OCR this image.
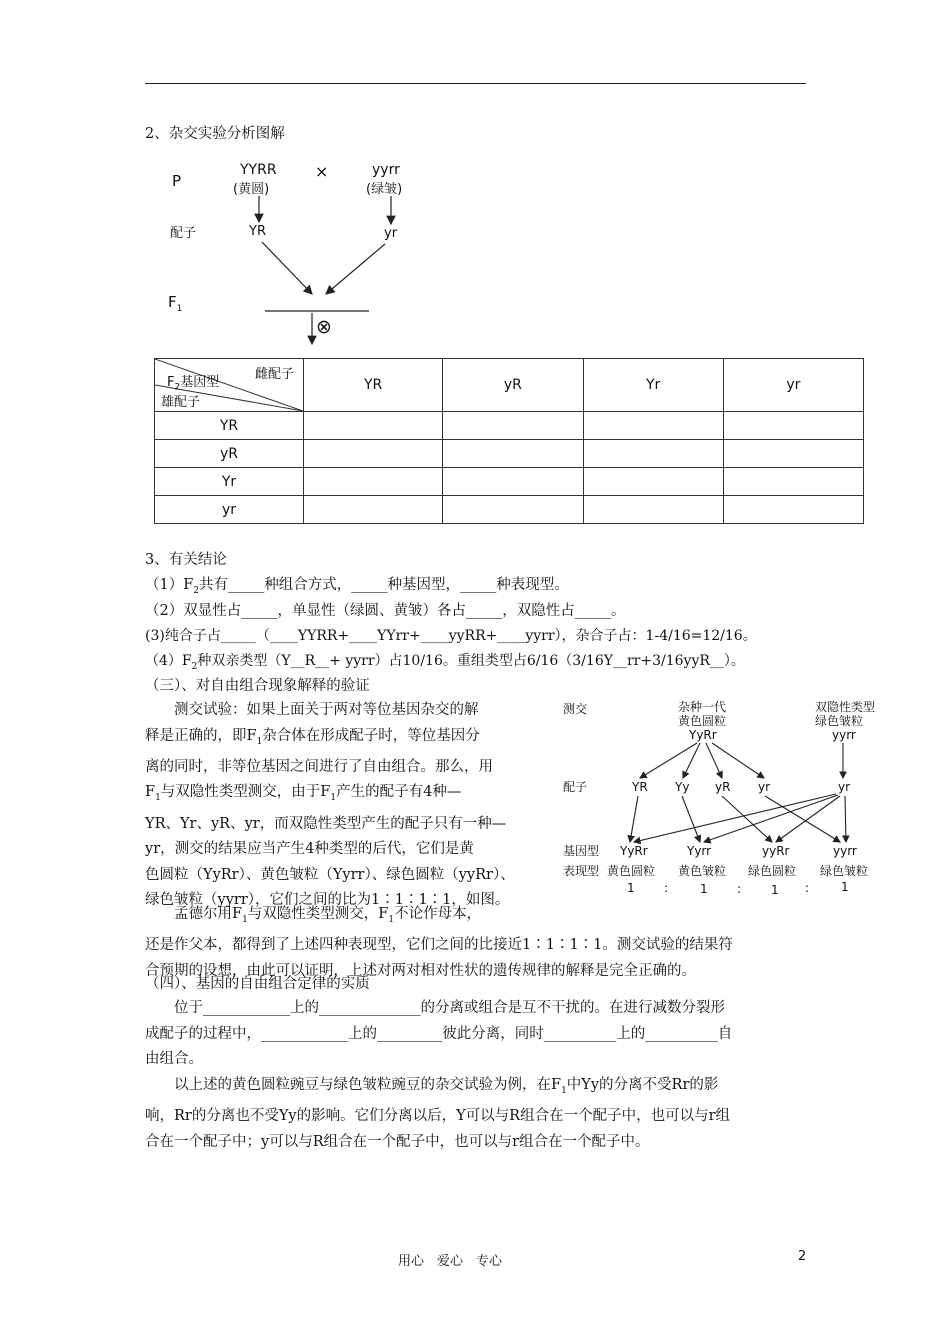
2、杂交实验分析图解
P
YYRR
(黄圆)
×	yyrr
(绿皱)
配子	YR	yr
$F_1$
⊗
雌配子
$F_2$基因型
雄配子	YR	yR	Yr	yr
YR				
yR				
Yr				
yr				
3、有关结论
$(1)F_2$共有_____种组合方式，_____种基因型，_____种表现型。
（2）双显性占_____，单显性（绿圆、黄皱）各占_____，双隐性占_____。
(3)纯合子占_____（____YYRR+____YYrr+____yyRR+____yyrr），杂合子占：1-4/16=12/16。
$(4)F_2$种双亲类型（Y__R__+ yyrr）占10/16。重组类型占6/16（3/16Y__rr+3/16yyR__）。
（三）、对自由组合现象解释的验证

测交试验：如果上面关于两对等位基因杂交的解

释是正确的，即$F_1$杂合体在形成配子时，等位基因分

离的同时，非等位基因之间进行了自由组合。那么，用

$F_1$与双隐性类型测交，由于$F_1$产生的配子有4种—

YR、Yr、yR、yr，而双隐性类型产生的配子只有一种—

yr，测交的结果应当产生4种类型的后代，它们是黄

色圆粒（YyRr）、黄色皱粒（Yyrr）、绿色圆粒（yyRr）、

绿色皱粒（yyrr），它们之间的比为1∶1∶1∶1，如图。

测交	杂种一代
黄色圆粒
YyRr
双隐性类型
绿色皱粒
yyrr
配子	YR Yy yR yr	yr
基因型
表现型
YyRr	Yyrr	yyRr	yyrr
黄色圆粒 黄色皱粒 绿色圆粒 绿色皱粒
1 :	1 : 1 :	1

孟德尔用$F_1$与双隐性类型测交，$F_1$不论作母本，

还是作父本，都得到了上述四种表现型，它们之间的比接近1∶1∶1∶1。测交试验的结果符

合预期的设想，由此可以证明，上述对两对相对性状的遗传规律的解释是完全正确的。

（四）、基因的自由组合定律的实质

位于____________上的______________的分离或组合是互不干扰的。在进行减数分裂形

成配子的过程中，____________上的_________彼此分离，同时__________上的__________自

由组合。

以上述的黄色圆粒豌豆与绿色皱粒豌豆的杂交试验为例，在$F_1$中Yy的分离不受Rr的影

响，Rr的分离也不受Yy的影响。它们分离以后，Y可以与R组合在一个配子中，也可以与r组

合在一个配子中；y可以与R组合在一个配子中，也可以与r组合在一个配子中。

用心　爱心　专心	2
